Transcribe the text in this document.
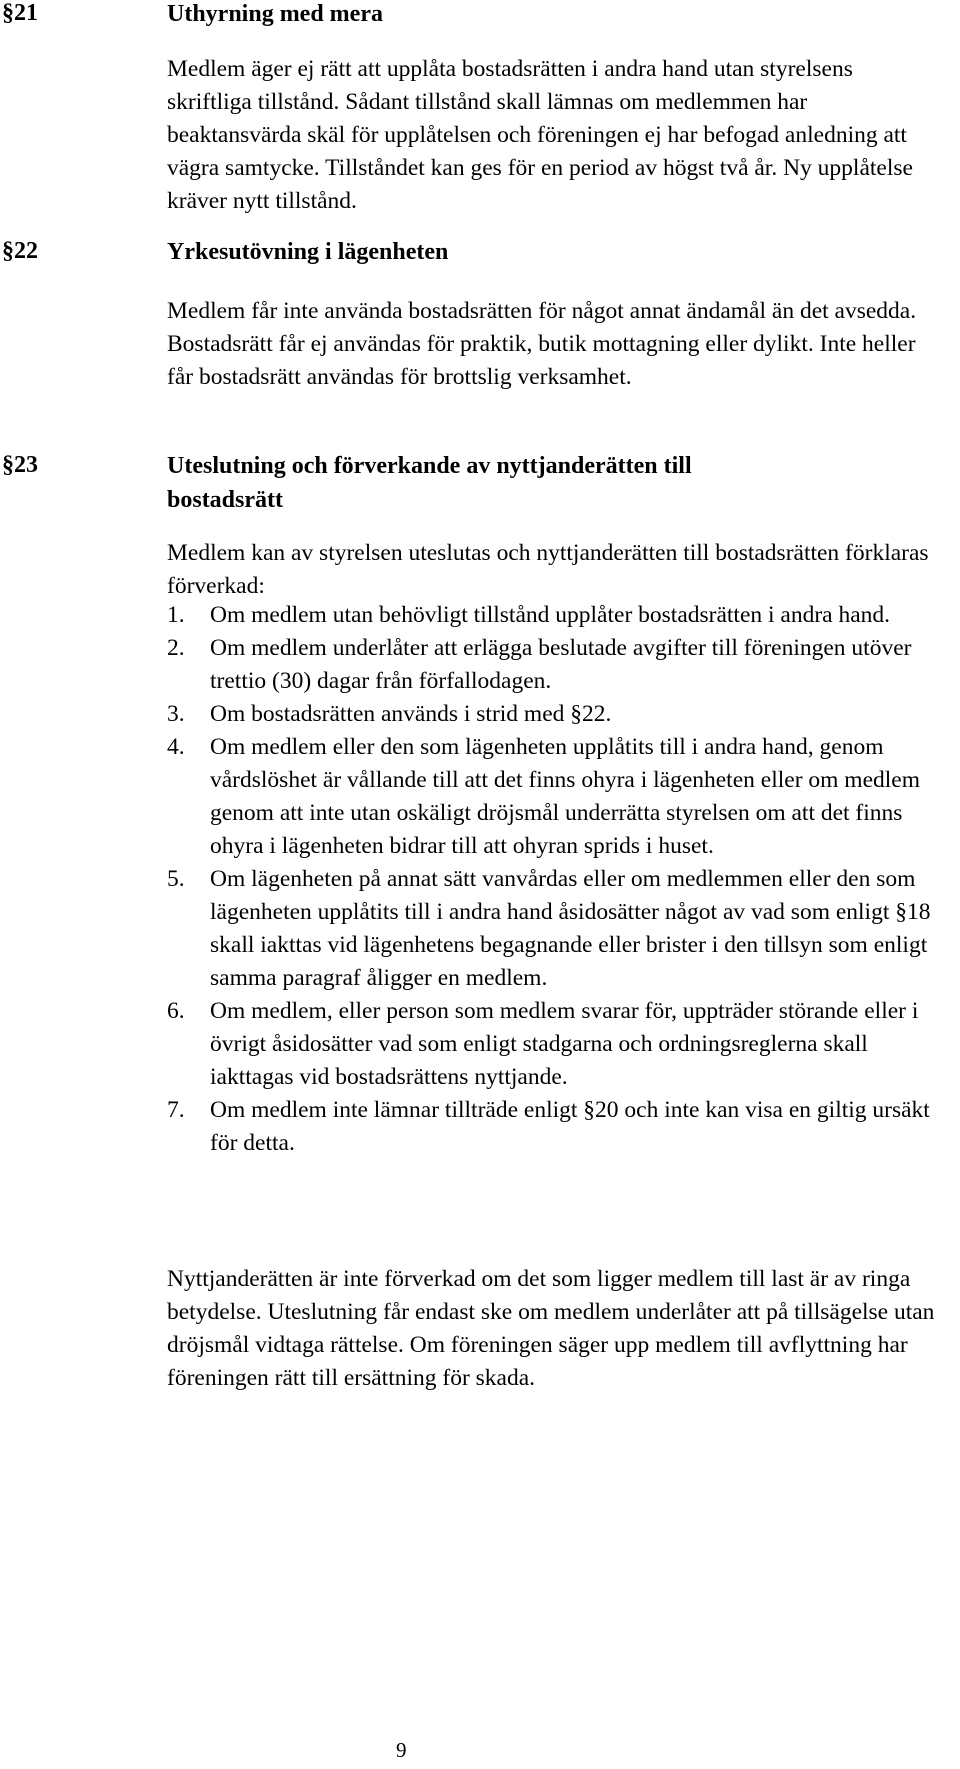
§21	Uthyrning med mera

Medlem äger ej rätt att upplåta bostadsrätten i andra hand utan styrelsens skriftliga tillstånd. Sådant tillstånd skall lämnas om medlemmen har beaktansvärda skäl för upplåtelsen och föreningen ej har befogad anledning att vägra samtycke. Tillståndet kan ges för en period av högst två år. Ny upplåtelse kräver nytt tillstånd.

§22	Yrkesutövning i lägenheten

Medlem får inte använda bostadsrätten för något annat ändamål än det avsedda. Bostadsrätt får ej användas för praktik, butik mottagning eller dylikt. Inte heller får bostadsrätt användas för brottslig verksamhet.

§23	Uteslutning och förverkande av nyttjanderätten till bostadsrätt

Medlem kan av styrelsen uteslutas och nyttjanderätten till bostadsrätten förklaras förverkad:

1. Om medlem utan behövligt tillstånd upplåter bostadsrätten i andra hand.
2. Om medlem underlåter att erlägga beslutade avgifter till föreningen utöver trettio (30) dagar från förfallodagen.
3. Om bostadsrätten används i strid med §22.
4. Om medlem eller den som lägenheten upplåtits till i andra hand, genom vårdslöshet är vållande till att det finns ohyra i lägenheten eller om medlem genom att inte utan oskäligt dröjsmål underrätta styrelsen om att det finns ohyra i lägenheten bidrar till att ohyran sprids i huset.
5. Om lägenheten på annat sätt vanvårdas eller om medlemmen eller den som lägenheten upplåtits till i andra hand åsidosätter något av vad som enligt §18 skall iakttas vid lägenhetens begagnande eller brister i den tillsyn som enligt samma paragraf åligger en medlem.
6. Om medlem, eller person som medlem svarar för, uppträder störande eller i övrigt åsidosätter vad som enligt stadgarna och ordningsreglerna skall iakttagas vid bostadsrättens nyttjande.
7. Om medlem inte lämnar tillträde enligt §20 och inte kan visa en giltig ursäkt för detta.

Nyttjanderätten är inte förverkad om det som ligger medlem till last är av ringa betydelse. Uteslutning får endast ske om medlem underlåter att på tillsägelse utan dröjsmål vidtaga rättelse. Om föreningen säger upp medlem till avflyttning har föreningen rätt till ersättning för skada.

9
